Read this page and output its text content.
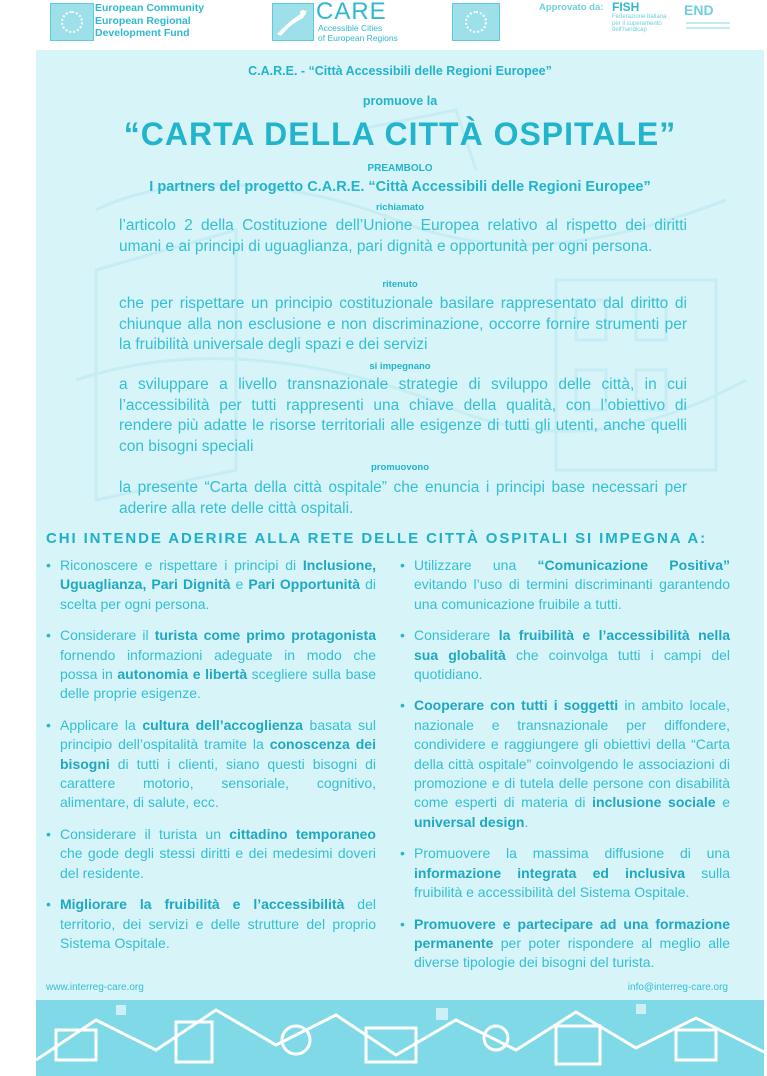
European Community
European Regional
Development Fund
CARE
Accessible Cities
of European Regions
Approvato da: FISH
Federazione Italiana
per il superamento
dell'handicap
END
C.A.R.E. - “Città Accessibili delle Regioni Europee”
promuove la
“CARTA DELLA CITTÀ OSPITALE”
PREAMBOLO
I partners del progetto C.A.R.E. “Città Accessibili delle Regioni Europee”
richiamato

l’articolo 2 della Costituzione dell’Unione Europea relativo al rispetto dei diritti umani e ai principi di uguaglianza, pari dignità e opportunità per ogni persona.

ritenuto

che per rispettare un principio costituzionale basilare rappresentato dal diritto di chiunque alla non esclusione e non discriminazione, occorre fornire strumenti per la fruibilità universale degli spazi e dei servizi

si impegnano

a sviluppare a livello transnazionale strategie di sviluppo delle città, in cui l’accessibilità per tutti rappresenti una chiave della qualità, con l’obiettivo di rendere più adatte le risorse territoriali alle esigenze di tutti gli utenti, anche quelli con bisogni speciali

promuovono

la presente “Carta della città ospitale” che enuncia i principi base necessari per aderire alla rete delle città ospitali.

CHI INTENDE ADERIRE ALLA RETE DELLE CITTÀ OSPITALI SI IMPEGNA A:
• Riconoscere e rispettare i principi di Inclusione, Uguaglianza, Pari Dignità e Pari Opportunità di scelta per ogni persona.
• Considerare il turista come primo protagonista fornendo informazioni adeguate in modo che possa in autonomia e libertà scegliere sulla base delle proprie esigenze.
• Applicare la cultura dell’accoglienza basata sul principio dell’ospitalità tramite la conoscenza dei bisogni di tutti i clienti, siano questi bisogni di carattere motorio, sensoriale, cognitivo, alimentare, di salute, ecc.
• Considerare il turista un cittadino temporaneo che gode degli stessi diritti e dei medesimi doveri del residente.
• Migliorare la fruibilità e l’accessibilità del territorio, dei servizi e delle strutture del proprio Sistema Ospitale.
• Utilizzare una “Comunicazione Positiva” evitando l’uso di termini discriminanti garantendo una comunicazione fruibile a tutti.
• Considerare la fruibilità e l’accessibilità nella sua globalità che coinvolga tutti i campi del quotidiano.
• Cooperare con tutti i soggetti in ambito locale, nazionale e transnazionale per diffondere, condividere e raggiungere gli obiettivi della “Carta della città ospitale” coinvolgendo le associazioni di promozione e di tutela delle persone con disabilità come esperti di materia di inclusione sociale e universal design.
• Promuovere la massima diffusione di una informazione integrata ed inclusiva sulla fruibilità e accessibilità del Sistema Ospitale.
• Promuovere e partecipare ad una formazione permanente per poter rispondere al meglio alle diverse tipologie dei bisogni del turista.
www.interreg-care.org	info@interreg-care.org
